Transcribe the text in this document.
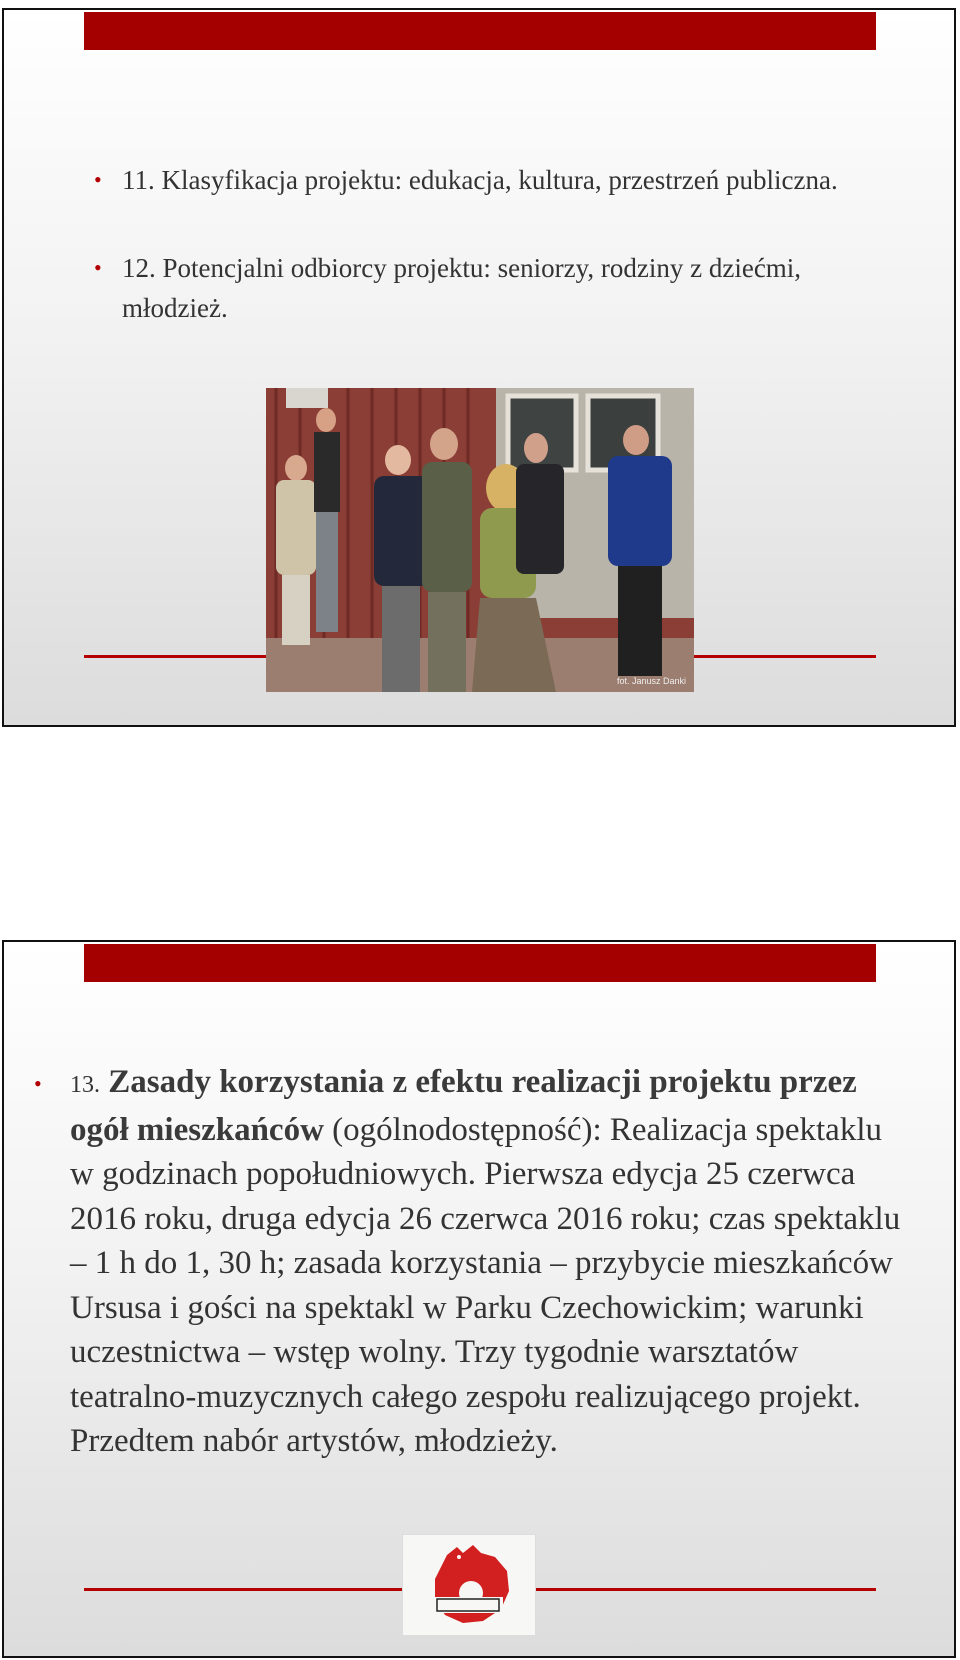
• 11. Klasyfikacja projektu: edukacja, kultura, przestrzeń publiczna.
• 12. Potencjalni odbiorcy projektu: seniorzy, rodziny z dziećmi, młodzież.
fot. Janusz Danki
• 13. Zasady korzystania z efektu realizacji projektu przez ogół mieszkańców (ogólnodostępność): Realizacja spektaklu w godzinach popołudniowych. Pierwsza edycja 25 czerwca 2016 roku, druga edycja 26 czerwca 2016 roku; czas spektaklu – 1 h do 1, 30 h; zasada korzystania – przybycie mieszkańców Ursusa i gości na spektakl w Parku Czechowickim; warunki uczestnictwa – wstęp wolny. Trzy tygodnie warsztatów teatralno-muzycznych całego zespołu realizującego projekt. Przedtem nabór artystów, młodzieży.
